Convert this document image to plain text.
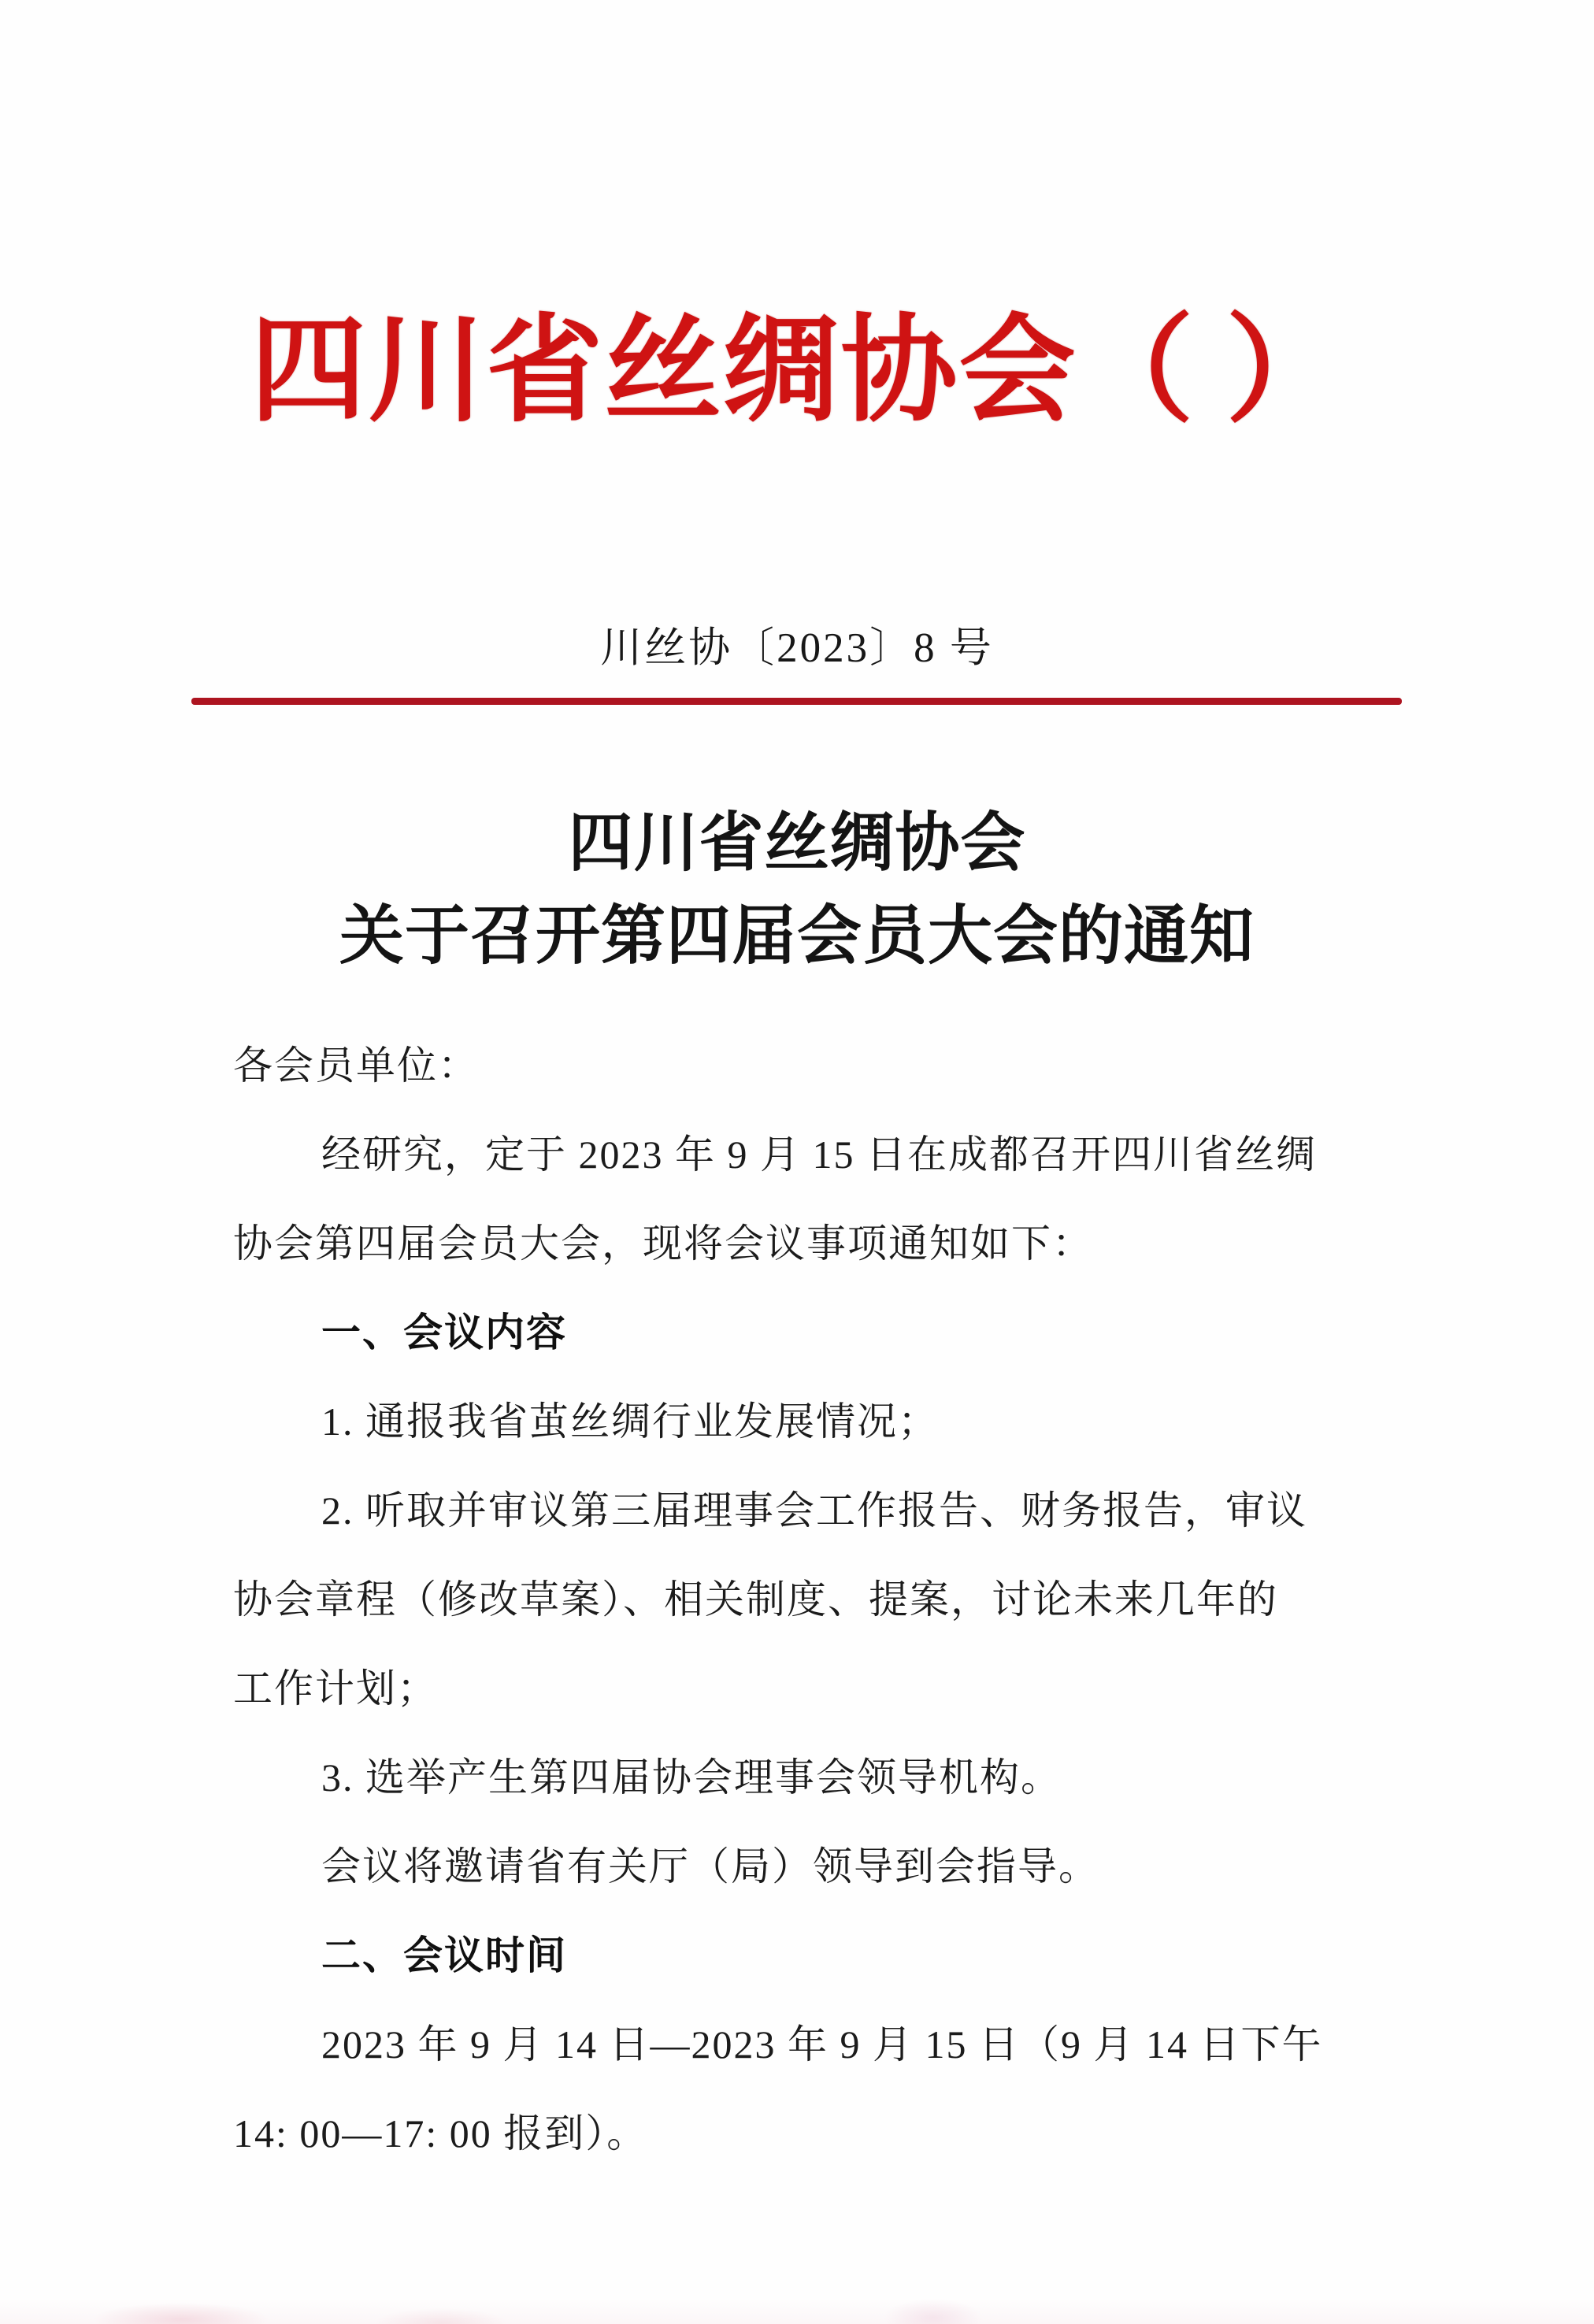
四川省丝绸协会（ ）
川丝协〔2023〕8 号
四川省丝绸协会
关于召开第四届会员大会的通知
各会员单位：
经研究，定于 2023 年 9 月 15 日在成都召开四川省丝绸
协会第四届会员大会，现将会议事项通知如下：
一、会议内容
1. 通报我省茧丝绸行业发展情况；
2. 听取并审议第三届理事会工作报告、财务报告，审议
协会章程（修改草案）、相关制度、提案，讨论未来几年的
工作计划；
3. 选举产生第四届协会理事会领导机构。
会议将邀请省有关厅（局）领导到会指导。
二、会议时间
2023 年 9 月 14 日—2023 年 9 月 15 日（9 月 14 日下午
14: 00—17: 00 报到）。
